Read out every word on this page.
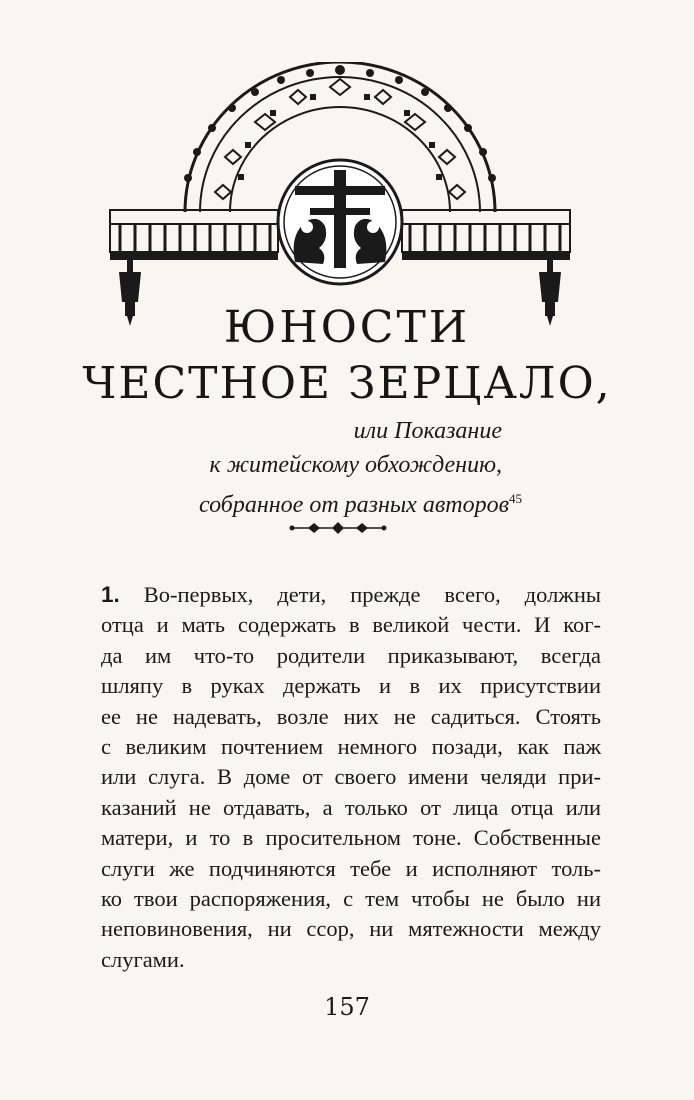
ЮНОСТИ
ЧЕСТНОЕ ЗЕРЦАЛО,
или Показание
к житейскому обхождению,
собранное от разных авторов$^{45}$
1. Во-первых, дети, прежде всего, должны
отца и мать содержать в великой чести. И ког-
да им что-то родители приказывают, всегда
шляпу в руках держать и в их присутствии
ее не надевать, возле них не садиться. Стоять
с великим почтением немного позади, как паж
или слуга. В доме от своего имени челяди при-
казаний не отдавать, а только от лица отца или
матери, и то в просительном тоне. Собственные
слуги же подчиняются тебе и исполняют толь-
ко твои распоряжения, с тем чтобы не было ни
неповиновения, ни ссор, ни мятежности между
слугами.
157
